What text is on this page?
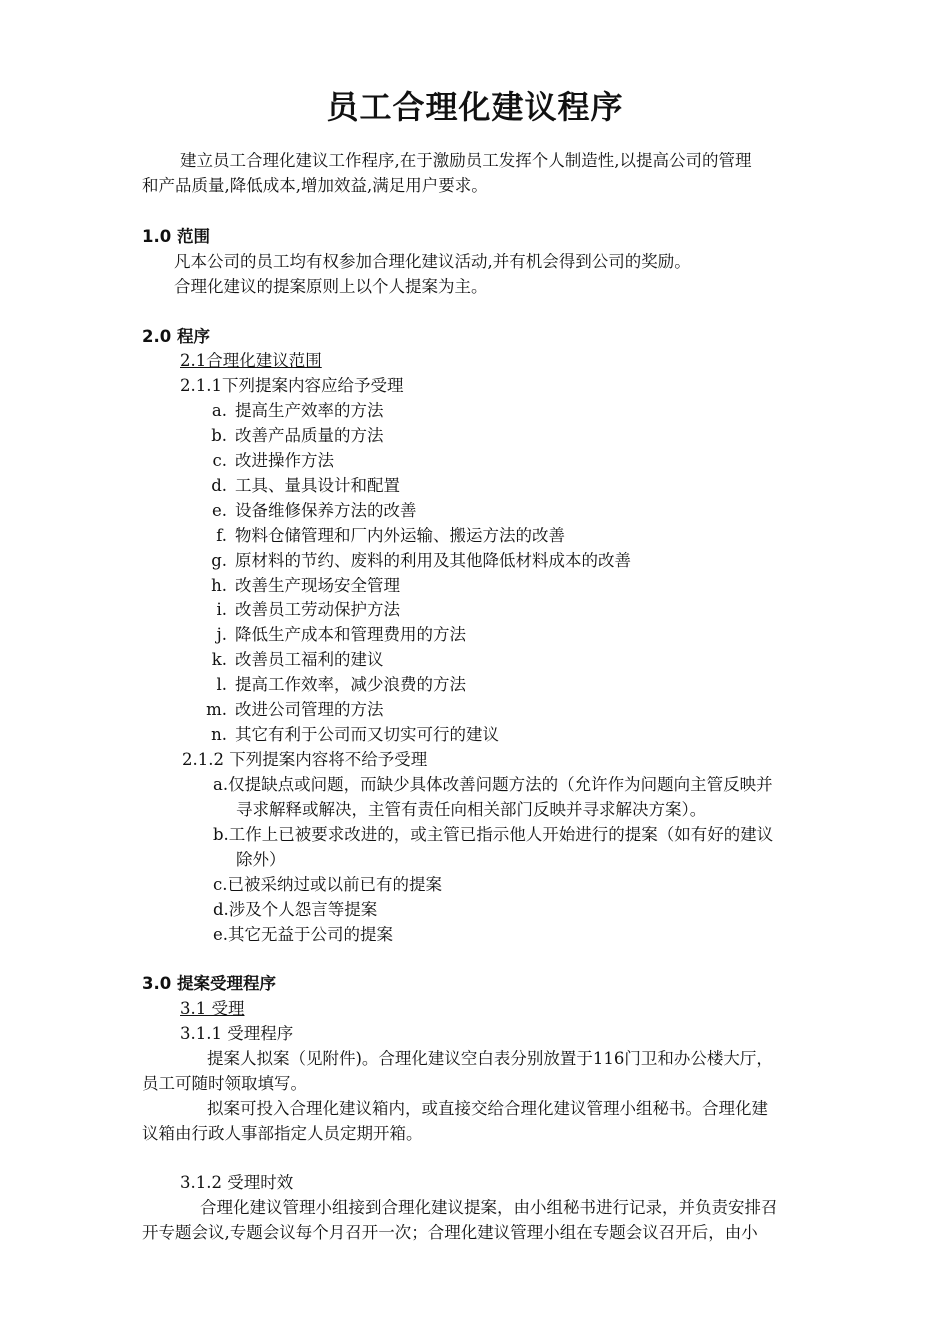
员工合理化建议程序
建立员工合理化建议工作程序,在于激励员工发挥个人制造性,以提高公司的管理
和产品质量,降低成本,增加效益,满足用户要求。
1.0 范围
凡本公司的员工均有权参加合理化建议活动,并有机会得到公司的奖励。
合理化建议的提案原则上以个人提案为主。
2.0 程序
2.1合理化建议范围
2.1.1下列提案内容应给予受理
a. 提高生产效率的方法
b. 改善产品质量的方法
c. 改进操作方法
d. 工具、量具设计和配置
e. 设备维修保养方法的改善
f. 物料仓储管理和厂内外运输、搬运方法的改善
g. 原材料的节约、废料的利用及其他降低材料成本的改善
h. 改善生产现场安全管理
i. 改善员工劳动保护方法
j. 降低生产成本和管理费用的方法
k. 改善员工福利的建议
l. 提高工作效率，减少浪费的方法
m. 改进公司管理的方法
n. 其它有利于公司而又切实可行的建议
2.1.2 下列提案内容将不给予受理
a.仅提缺点或问题，而缺少具体改善问题方法的（允许作为问题向主管反映并
寻求解释或解决，主管有责任向相关部门反映并寻求解决方案）。
b.工作上已被要求改进的，或主管已指示他人开始进行的提案（如有好的建议
除外）
c.已被采纳过或以前已有的提案
d.涉及个人怨言等提案
e.其它无益于公司的提案
3.0 提案受理程序
3.1 受理
3.1.1 受理程序
提案人拟案（见附件)。合理化建议空白表分别放置于116门卫和办公楼大厅，
员工可随时领取填写。
拟案可投入合理化建议箱内，或直接交给合理化建议管理小组秘书。合理化建
议箱由行政人事部指定人员定期开箱。
3.1.2 受理时效
合理化建议管理小组接到合理化建议提案，由小组秘书进行记录，并负责安排召
开专题会议,专题会议每个月召开一次；合理化建议管理小组在专题会议召开后，由小
